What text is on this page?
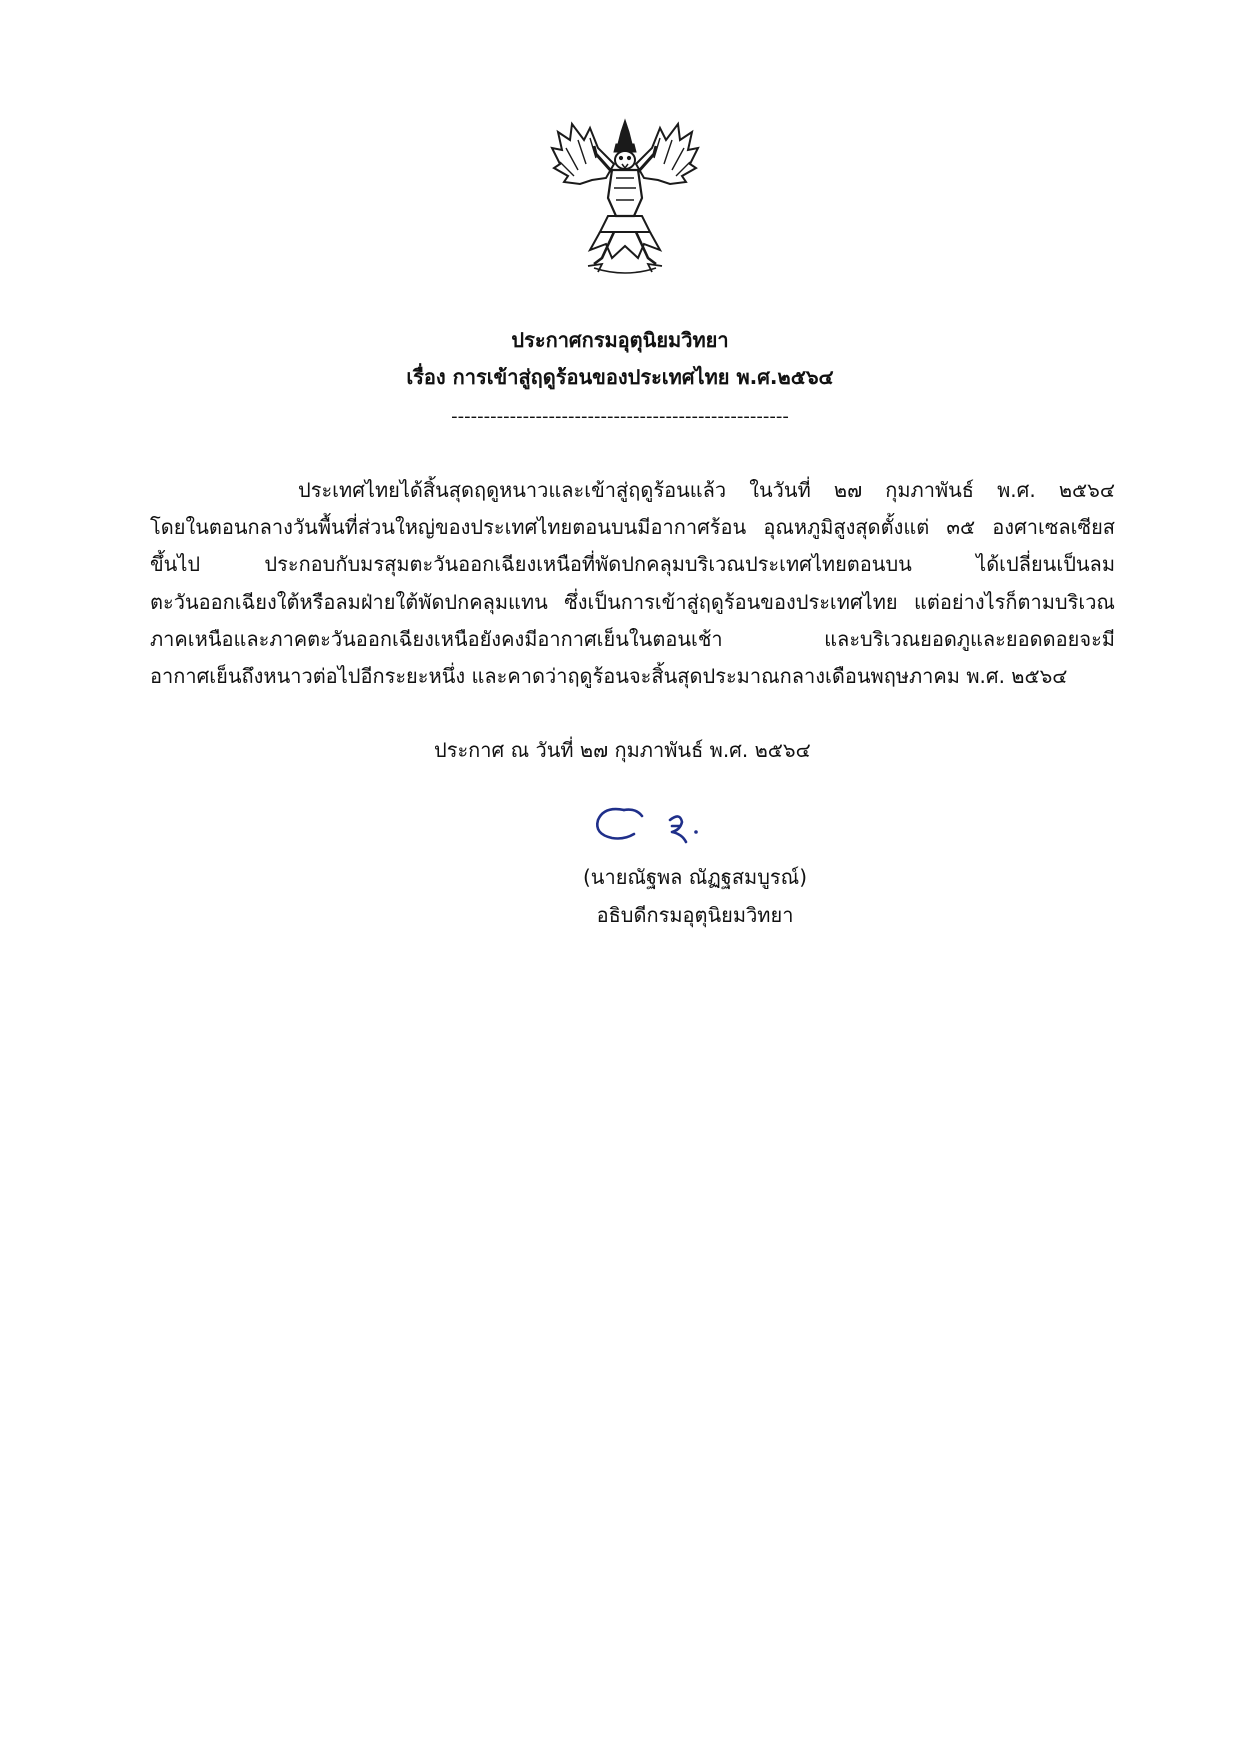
ประกาศกรมอุตุนิยมวิทยา
เรื่อง การเข้าสู่ฤดูร้อนของประเทศไทย พ.ศ.๒๕๖๔
----------------------------------------------------
ประเทศไทยได้สิ้นสุดฤดูหนาวและเข้าสู่ฤดูร้อนแล้ว ในวันที่ ๒๗ กุมภาพันธ์ พ.ศ. ๒๕๖๔
โดยในตอนกลางวันพื้นที่ส่วนใหญ่ของประเทศไทยตอนบนมีอากาศร้อน อุณหภูมิสูงสุดตั้งแต่ ๓๕ องศาเซลเซียส
ขึ้นไป ประกอบกับมรสุมตะวันออกเฉียงเหนือที่พัดปกคลุมบริเวณประเทศไทยตอนบน ได้เปลี่ยนเป็นลม
ตะวันออกเฉียงใต้หรือลมฝ่ายใต้พัดปกคลุมแทน ซึ่งเป็นการเข้าสู่ฤดูร้อนของประเทศไทย แต่อย่างไรก็ตามบริเวณ
ภาคเหนือและภาคตะวันออกเฉียงเหนือยังคงมีอากาศเย็นในตอนเช้า และบริเวณยอดภูและยอดดอยจะมี
อากาศเย็นถึงหนาวต่อไปอีกระยะหนึ่ง และคาดว่าฤดูร้อนจะสิ้นสุดประมาณกลางเดือนพฤษภาคม พ.ศ. ๒๕๖๔
ประกาศ ณ วันที่ ๒๗ กุมภาพันธ์ พ.ศ. ๒๕๖๔
(นายณัฐพล ณัฏฐสมบูรณ์)
อธิบดีกรมอุตุนิยมวิทยา
